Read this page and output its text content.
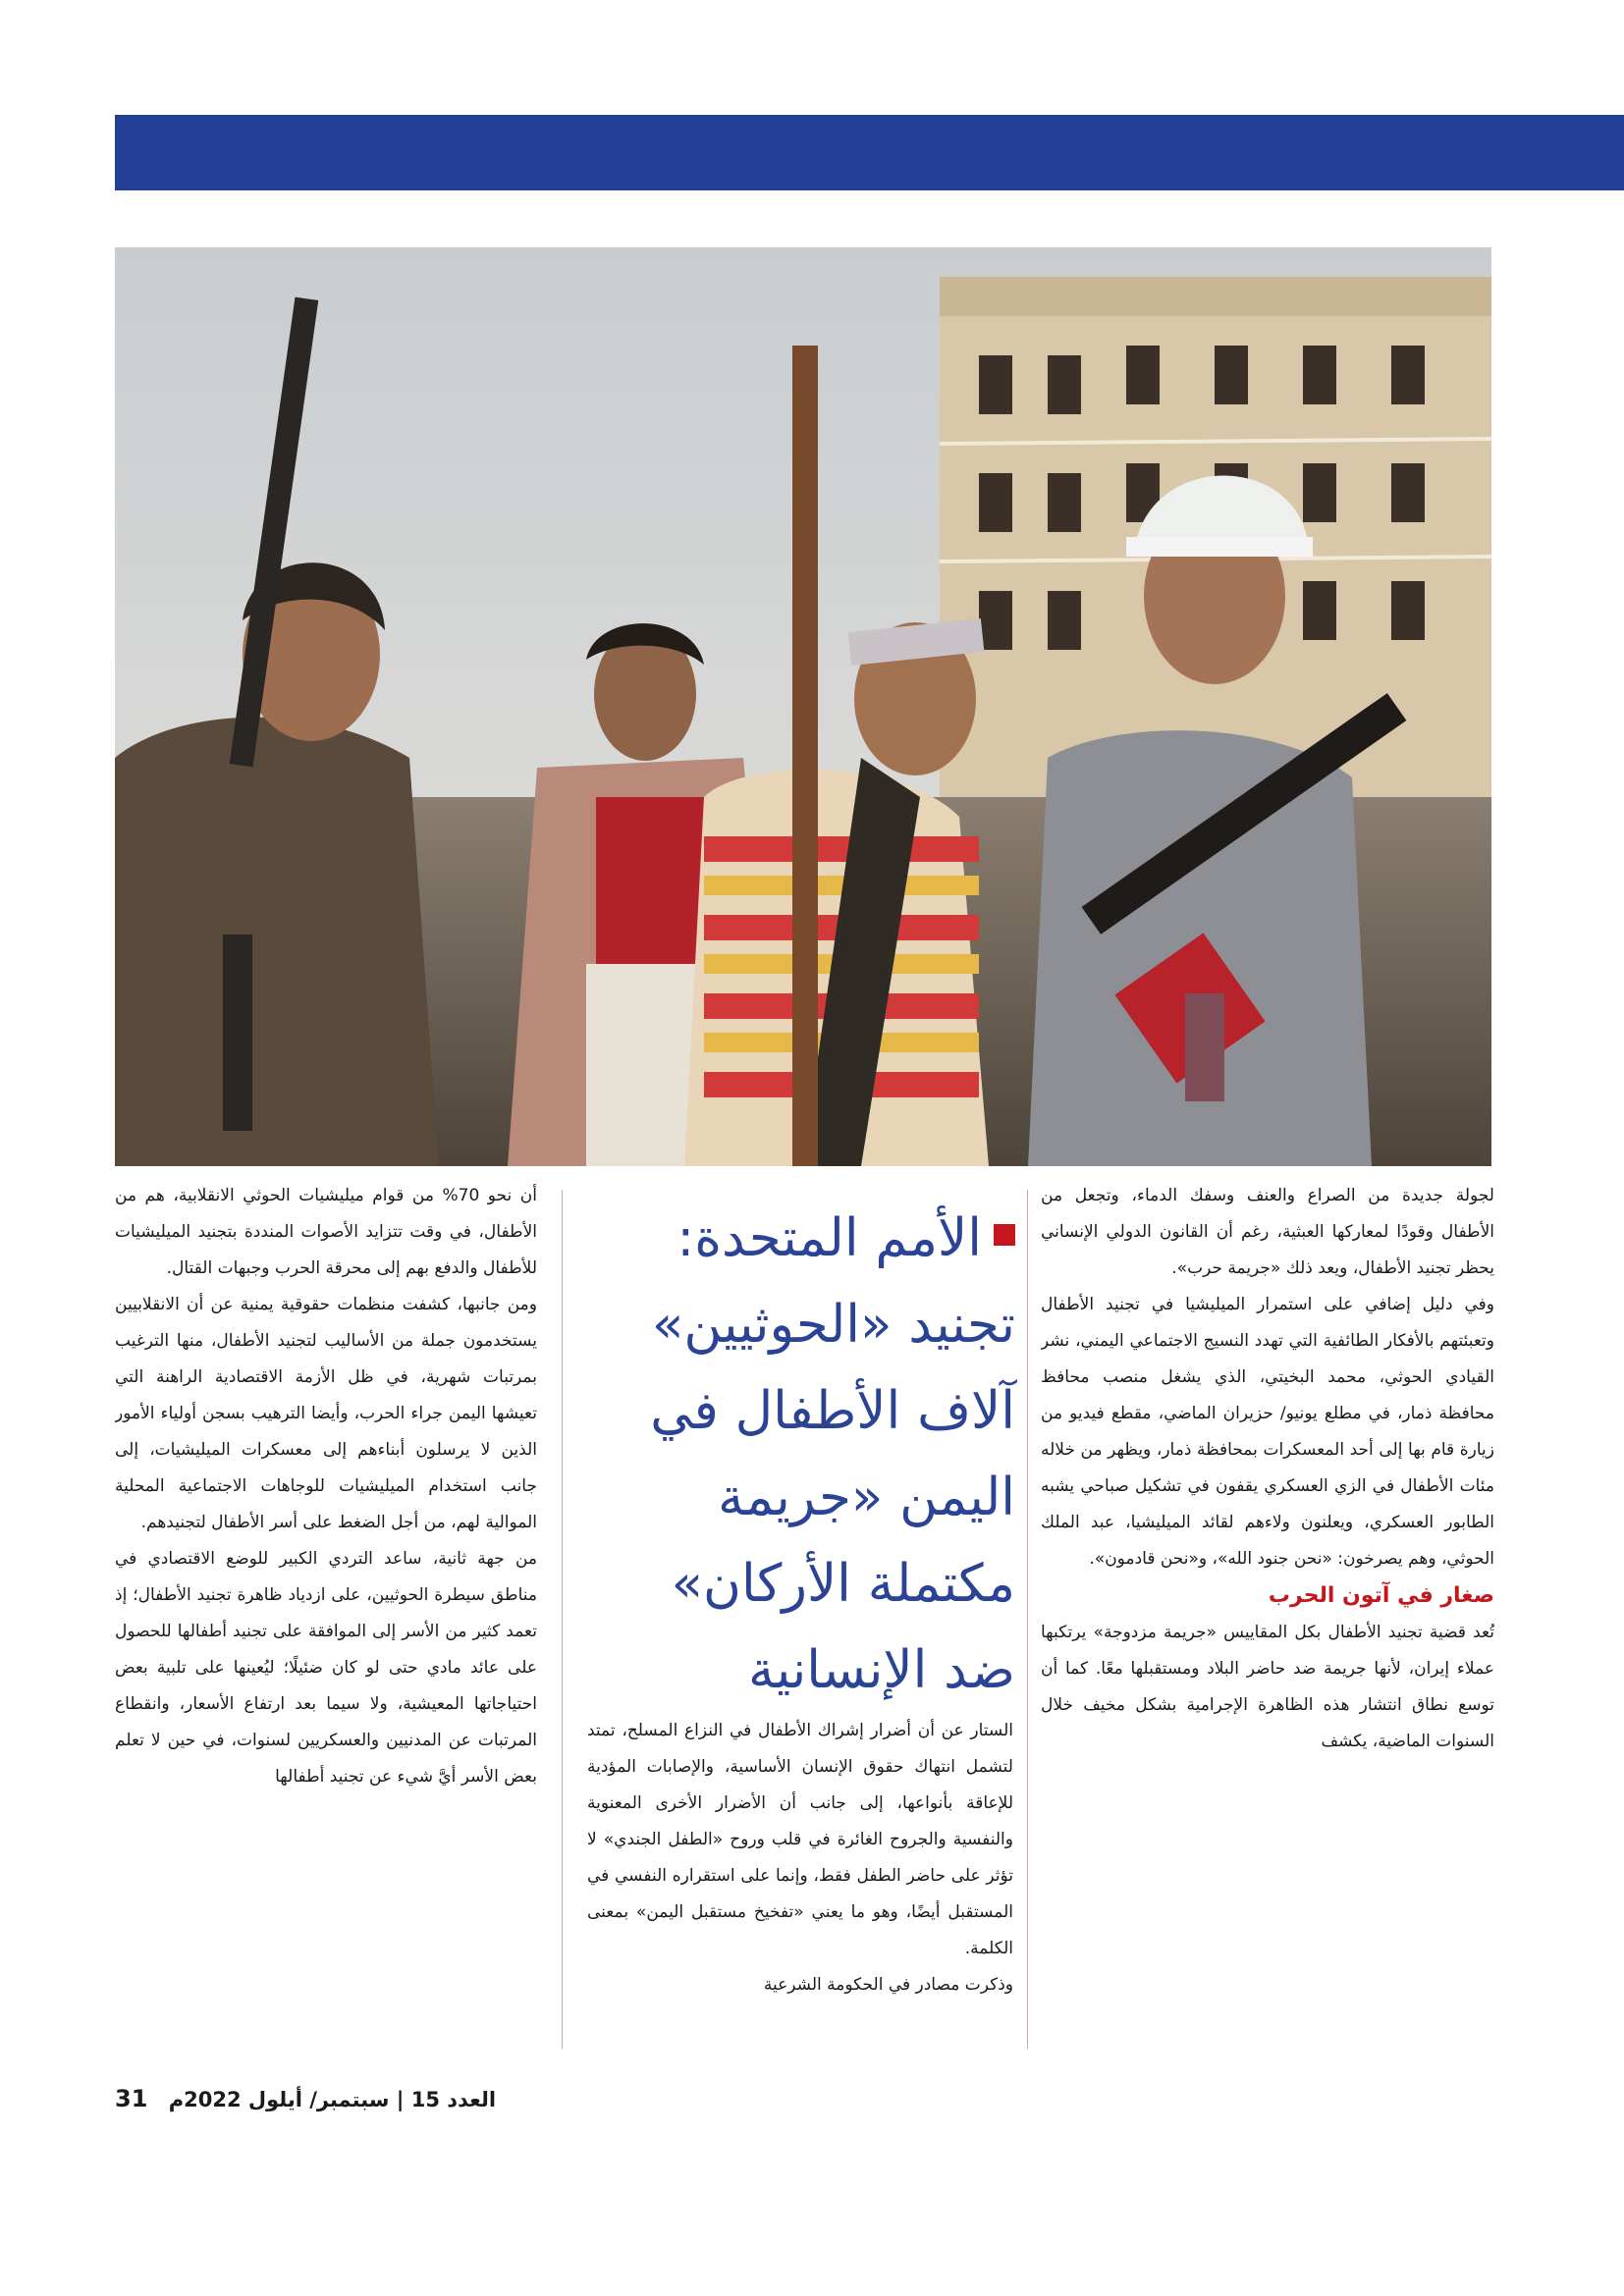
لجولة جديدة من الصراع والعنف وسفك الدماء، وتجعل من الأطفال وقودًا لمعاركها العبثية، رغم أن القانون الدولي الإنساني يحظر تجنيد الأطفال، ويعد ذلك «جريمة حرب».

وفي دليل إضافي على استمرار الميليشيا في تجنيد الأطفال وتعبئتهم بالأفكار الطائفية التي تهدد النسيج الاجتماعي اليمني، نشر القيادي الحوثي، محمد البخيتي، الذي يشغل منصب محافظ محافظة ذمار، في مطلع يونيو/ حزيران الماضي، مقطع فيديو من زيارة قام بها إلى أحد المعسكرات بمحافظة ذمار، ويظهر من خلاله مئات الأطفال في الزي العسكري يقفون في تشكيل صباحي يشبه الطابور العسكري، ويعلنون ولاءهم لقائد الميليشيا، عبد الملك الحوثي، وهم يصرخون: «نحن جنود الله»، و«نحن قادمون».

صغار في آتون الحرب

تُعد قضية تجنيد الأطفال بكل المقاييس «جريمة مزدوجة» يرتكبها عملاء إيران، لأنها جريمة ضد حاضر البلاد ومستقبلها معًا. كما أن توسع نطاق انتشار هذه الظاهرة الإجرامية بشكل مخيف خلال السنوات الماضية، يكشف

الأمم المتحدة: تجنيد «الحوثيين» آلاف الأطفال في اليمن «جريمة مكتملة الأركان» ضد الإنسانية

الستار عن أن أضرار إشراك الأطفال في النزاع المسلح، تمتد لتشمل انتهاك حقوق الإنسان الأساسية، والإصابات المؤدية للإعاقة بأنواعها، إلى جانب أن الأضرار الأخرى المعنوية والنفسية والجروح الغائرة في قلب وروح «الطفل الجندي» لا تؤثر على حاضر الطفل فقط، وإنما على استقراره النفسي في المستقبل أيضًا، وهو ما يعني «تفخيخ مستقبل اليمن» بمعنى الكلمة.

وذكرت مصادر في الحكومة الشرعية

أن نحو 70% من قوام ميليشيات الحوثي الانقلابية، هم من الأطفال، في وقت تتزايد الأصوات المنددة بتجنيد الميليشيات للأطفال والدفع بهم إلى محرقة الحرب وجبهات القتال.

ومن جانبها، كشفت منظمات حقوقية يمنية عن أن الانقلابيين يستخدمون جملة من الأساليب لتجنيد الأطفال، منها الترغيب بمرتبات شهرية، في ظل الأزمة الاقتصادية الراهنة التي تعيشها اليمن جراء الحرب، وأيضا الترهيب بسجن أولياء الأمور الذين لا يرسلون أبناءهم إلى معسكرات الميليشيات، إلى جانب استخدام الميليشيات للوجاهات الاجتماعية المحلية الموالية لهم، من أجل الضغط على أسر الأطفال لتجنيدهم.

من جهة ثانية، ساعد التردي الكبير للوضع الاقتصادي في مناطق سيطرة الحوثيين، على ازدياد ظاهرة تجنيد الأطفال؛ إذ تعمد كثير من الأسر إلى الموافقة على تجنيد أطفالها للحصول على عائد مادي حتى لو كان ضئيلًا؛ ليُعينها على تلبية بعض احتياجاتها المعيشية، ولا سيما بعد ارتفاع الأسعار، وانقطاع المرتبات عن المدنيين والعسكريين لسنوات، في حين لا تعلم بعض الأسر أيَّ شيء عن تجنيد أطفالها

العدد 15 | سبتمبر/ أيلول 2022م 31
